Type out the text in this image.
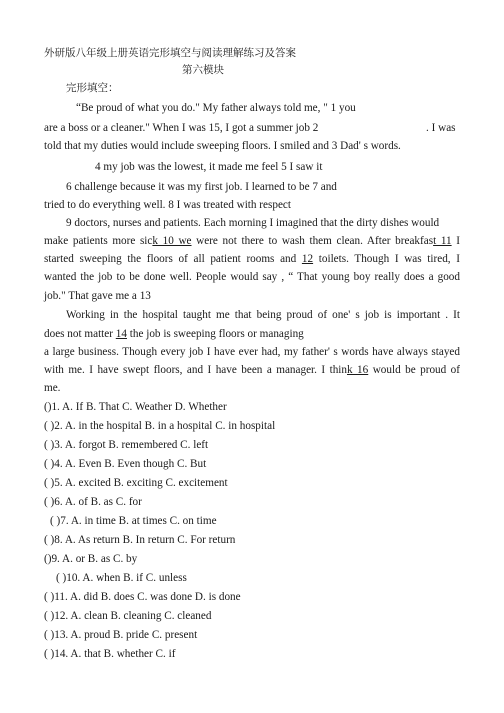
外研版八年级上册英语完形填空与阅读理解练习及答案
第六模块
完形填空：
“Be proud of what you do." My father always told me, " 1 you
are a boss or a cleaner." When I was 15, I got a summer job 2	. I was
told that my duties would include sweeping floors. I smiled and 3 Dad' s words.
4 my job was the lowest, it made me feel 5 I saw it
6 challenge because it was my first job. I learned to be 7 and
tried to do everything well. 8 I was treated with respect
9 doctors, nurses and patients. Each morning I imagined that the dirty dishes would
make patients more sick 10 we were not there to wash them clean. After breakfast 11 I
started sweeping the floors of all patient rooms and 12 toilets. Though I was tired, I
wanted the job to be done well. People would say , “ That young boy really does a good
job." That gave me a 13
Working in the hospital taught me that being proud of one' s job is important . It
does not matter 14 the job is sweeping floors or managing
a large business. Though every job I have ever had, my father' s words have always stayed
with me. I have swept floors, and I have been a manager. I think 16 would be proud of
me.
()1. A. If B. That C. Weather D. Whether
( )2. A. in the hospital B. in a hospital C. in hospital
( )3. A. forgot B. remembered C. left
( )4. A. Even B. Even though C. But
( )5. A. excited B. exciting C. excitement
( )6. A. of B. as C. for
( )7. A. in time B. at times C. on time
( )8. A. As return B. In return C. For return
()9. A. or B. as C. by
( )10. A. when B. if C. unless
( )11. A. did B. does C. was done D. is done
( )12. A. clean B. cleaning C. cleaned
( )13. A. proud B. pride C. present
( )14. A. that B. whether C. if
